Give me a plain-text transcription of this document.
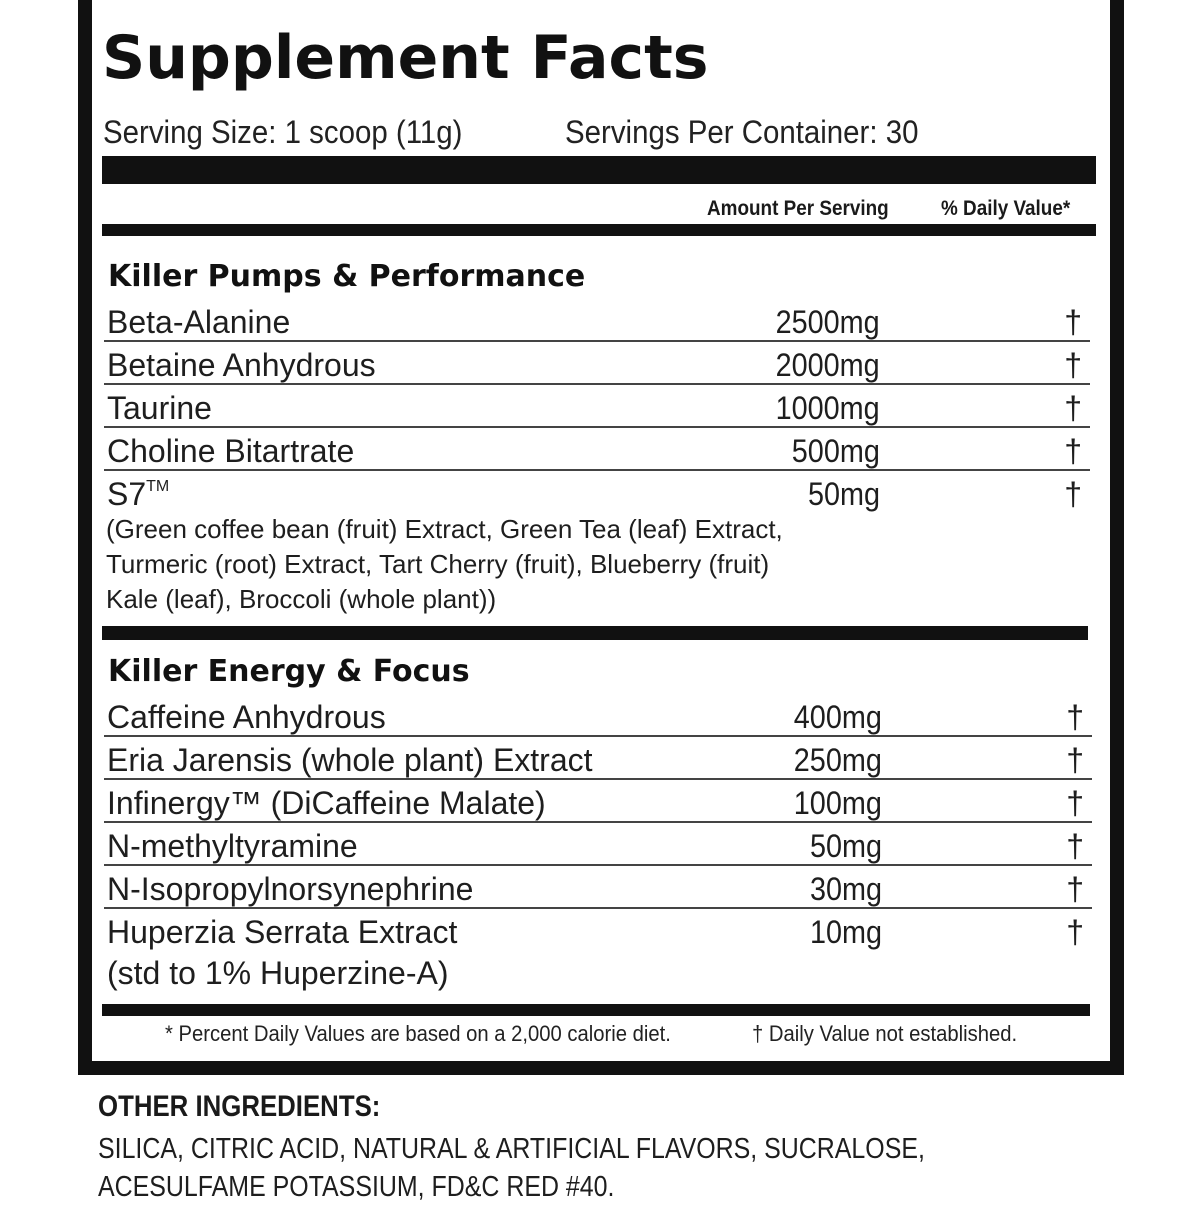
Supplement Facts
Serving Size: 1 scoop (11g)	Servings Per Container: 30
Amount Per Serving % Daily Value*
Killer Pumps & Performance
Beta-Alanine	2500mg	†
Betaine Anhydrous	2000mg	†
Taurine	1000mg	†
Choline Bitartrate	500mg	†
S7™	50mg	†
(Green coffee bean (fruit) Extract, Green Tea (leaf) Extract,
Turmeric (root) Extract, Tart Cherry (fruit), Blueberry (fruit)
Kale (leaf), Broccoli (whole plant))
Killer Energy & Focus
Caffeine Anhydrous	400mg	†
Eria Jarensis (whole plant) Extract	250mg	†
Infinergy™ (DiCaffeine Malate)	100mg	†
N-methyltyramine	50mg	†
N-Isopropylnorsynephrine	30mg	†
Huperzia Serrata Extract	10mg	†
(std to 1% Huperzine-A)
* Percent Daily Values are based on a 2,000 calorie diet.	† Daily Value not established.
OTHER INGREDIENTS:

SILICA, CITRIC ACID, NATURAL & ARTIFICIAL FLAVORS, SUCRALOSE, ACESULFAME POTASSIUM, FD&C RED #40.
